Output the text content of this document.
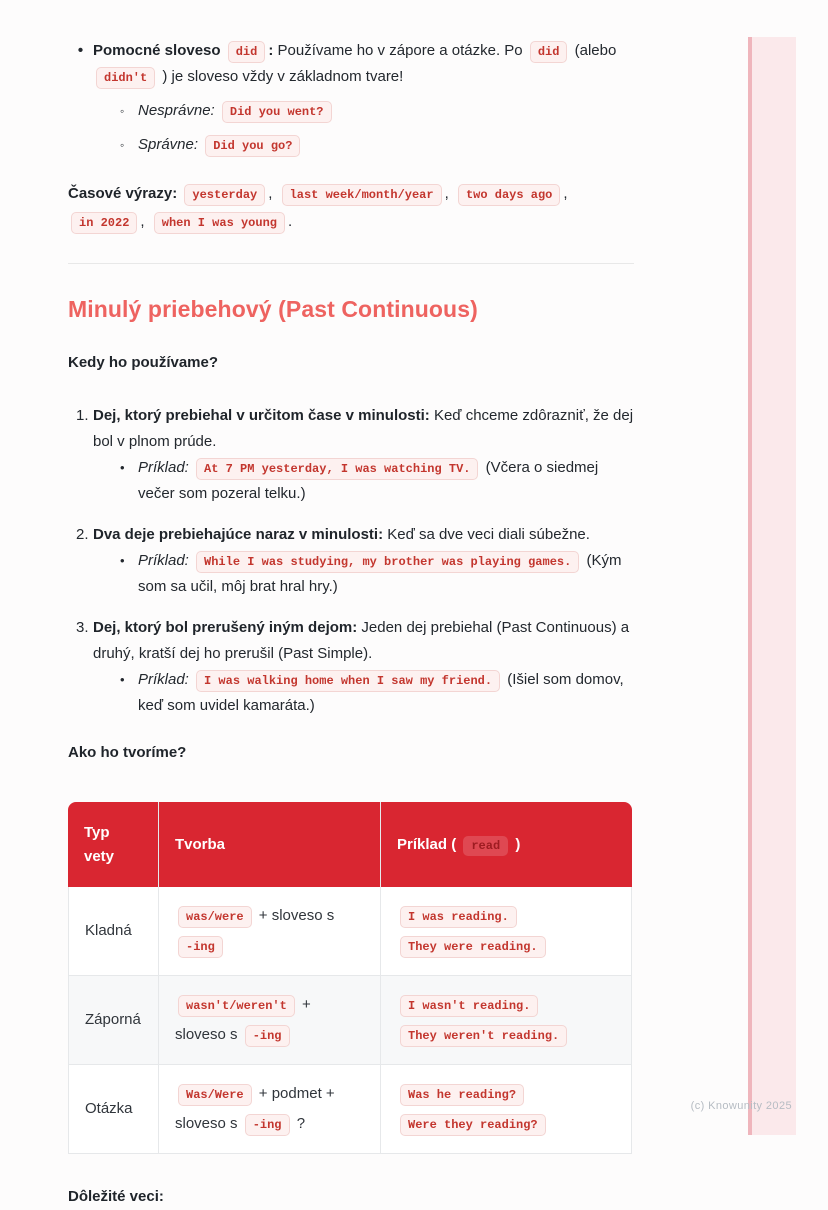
(c) Knowunity 2025
• Pomocné sloveso did : Používame ho v zápore a otázke. Po did (alebo didn't ) je sloveso vždy v základnom tvare!
◦ Nesprávne: Did you went?
◦ Správne: Did you go?

Časové výrazy: yesterday , last week/month/year , two days ago , in 2022 , when I was young .

Minulý priebehový (Past Continuous)
Kedy ho používame?
1. Dej, ktorý prebiehal v určitom čase v minulosti: Keď chceme zdôrazniť, že dej bol v plnom prúde.
• Príklad: At 7 PM yesterday, I was watching TV. (Včera o siedmej večer som pozeral telku.)
2. Dva deje prebiehajúce naraz v minulosti: Keď sa dve veci diali súbežne.
• Príklad: While I was studying, my brother was playing games. (Kým som sa učil, môj brat hral hry.)
3. Dej, ktorý bol prerušený iným dejom: Jeden dej prebiehal (Past Continuous) a druhý, kratší dej ho prerušil (Past Simple).
• Príklad: I was walking home when I saw my friend. (Išiel som domov, keď som uvidel kamaráta.)
Ako ho tvoríme?
Typ vety	Tvorba	Príklad ( read )
Kladná	was/were + sloveso s -ing	I was reading. They were reading.
Záporná	wasn't/weren't + sloveso s -ing	I wasn't reading. They weren't reading.
Otázka	Was/Were + podmet + sloveso s -ing ?	Was he reading? Were they reading?
Dôležité veci:
